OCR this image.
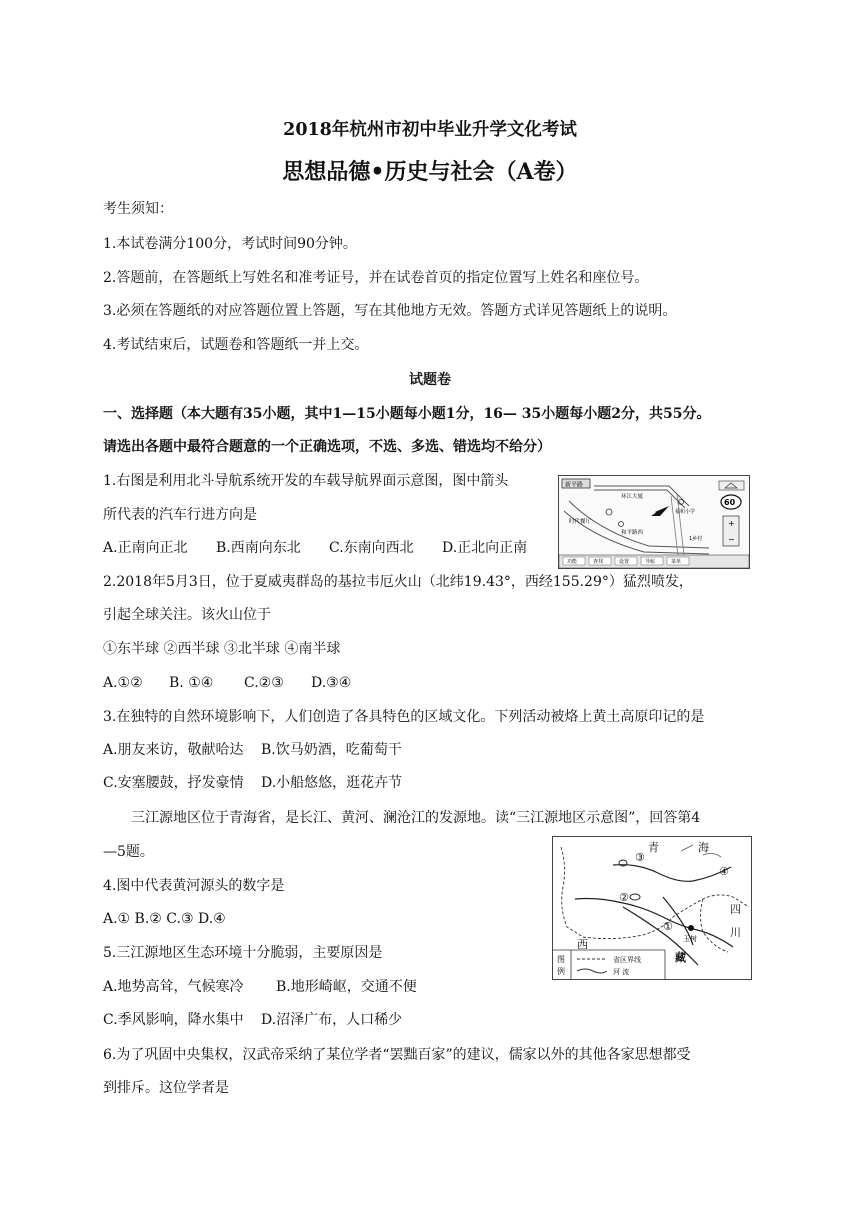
2018年杭州市初中毕业升学文化考试
思想品德•历史与社会（A卷）
考生须知：
1.本试卷满分100分，考试时间90分钟。
2.答题前，在答题纸上写姓名和准考证号，并在试卷首页的指定位置写上姓名和座位号。
3.必须在答题纸的对应答题位置上答题，写在其他地方无效。答题方式详见答题纸上的说明。
4.考试结束后，试题卷和答题纸一并上交。
试题卷
一、选择题（本大题有35小题，其中1—15小题每小题1分，16— 35小题每小题2分，共55分。
请选出各题中最符合题意的一个正确选项，不选、多选、错选均不给分）
1.右图是利用北斗导航系统开发的车载导航界面示意图，图中箭头
所代表的汽车行进方向是
A.正南向正北 B.西南向东北 C.东南向西北 D.正北向正南
新平路
环江大厦
时代餐厅
和平路西
福和小学
60
+
−
1乡村
功能	查找	设置	导航	菜单
2.2018年5月3日，位于夏威夷群岛的基拉韦厄火山（北纬19.43°，西经155.29°）猛烈喷发，
引起全球关注。该火山位于
①东半球 ②西半球 ③北半球 ④南半球
A.①② B. ①④ C.②③ D.③④
3.在独特的自然环境影响下，人们创造了各具特色的区域文化。下列活动被烙上黄土高原印记的是
A.朋友来访，敬献哈达 B.饮马奶酒，吃葡萄干
C.安塞腰鼓，抒发豪情 D.小船悠悠，逛花卉节
三江源地区位于青海省，是长江、黄河、澜沧江的发源地。读“三江源地区示意图”，回答第4
—5题。
4.图中代表黄河源头的数字是
A.① B.② C.③ D.④
5.三江源地区生态环境十分脆弱，主要原因是
A.地势高耸，气候寒冷 B.地形崎岖，交通不便
C.季风影响，降水集中 D.沼泽广布，人口稀少
③
②
①
④
青	海
西
藏
四
川
玉树
图
例
省区界线
河 流
6.为了巩固中央集权，汉武帝采纳了某位学者“罢黜百家”的建议，儒家以外的其他各家思想都受
到排斥。这位学者是
